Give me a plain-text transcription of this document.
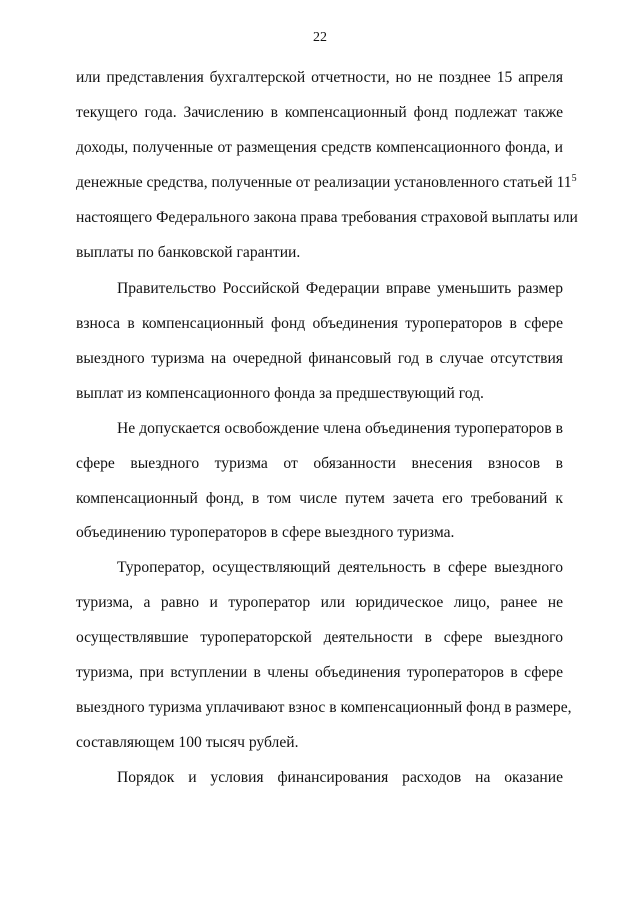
22
или представления бухгалтерской отчетности, но не позднее 15 апреля
текущего года. Зачислению в компенсационный фонд подлежат также
доходы, полученные от размещения средств компенсационного фонда, и
денежные средства, полученные от реализации установленного статьей $11^5$
настоящего Федерального закона права требования страховой выплаты или
выплаты по банковской гарантии.
Правительство Российской Федерации вправе уменьшить размер
взноса в компенсационный фонд объединения туроператоров в сфере
выездного туризма на очередной финансовый год в случае отсутствия
выплат из компенсационного фонда за предшествующий год.
Не допускается освобождение члена объединения туроператоров в
сфере выездного туризма от обязанности внесения взносов в
компенсационный фонд, в том числе путем зачета его требований к
объединению туроператоров в сфере выездного туризма.
Туроператор, осуществляющий деятельность в сфере выездного
туризма, а равно и туроператор или юридическое лицо, ранее не
осуществлявшие туроператорской деятельности в сфере выездного
туризма, при вступлении в члены объединения туроператоров в сфере
выездного туризма уплачивают взнос в компенсационный фонд в размере,
составляющем 100 тысяч рублей.
Порядок и условия финансирования расходов на оказание
